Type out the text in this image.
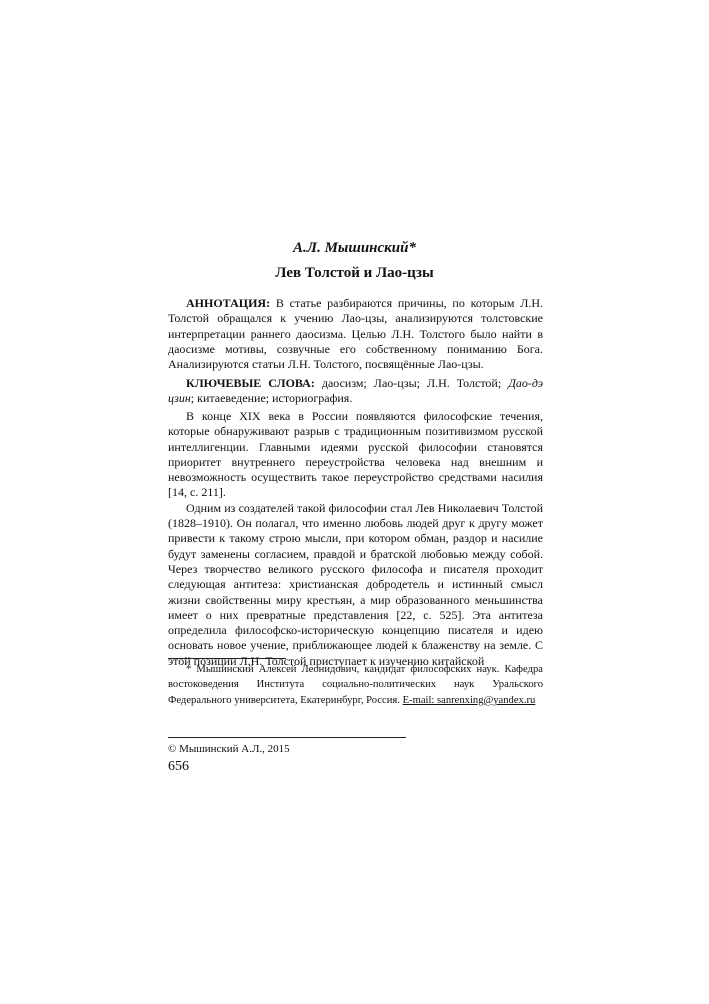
А.Л. Мышинский*
Лев Толстой и Лао-цзы

АННОТАЦИЯ: В статье разбираются причины, по которым Л.Н. Толстой обращался к учению Лао-цзы, анализируются толстовские интерпретации раннего даосизма. Целью Л.Н. Толстого было найти в даосизме мотивы, созвучные его собственному пониманию Бога. Анализируются статьи Л.Н. Толстого, посвящённые Лао-цзы.

КЛЮЧЕВЫЕ СЛОВА: даосизм; Лао-цзы; Л.Н. Толстой; Дао-дэ цзин; китаеведение; историография.

В конце XIX века в России появляются философские течения, которые обнаруживают разрыв с традиционным позитивизмом русской интеллигенции. Главными идеями русской философии становятся приоритет внутреннего переустройства человека над внешним и невозможность осуществить такое переустройство средствами насилия [14, с. 211].

Одним из создателей такой философии стал Лев Николаевич Толстой (1828–1910). Он полагал, что именно любовь людей друг к другу может привести к такому строю мысли, при котором обман, раздор и насилие будут заменены согласием, правдой и братской любовью между собой. Через творчество великого русского философа и писателя проходит следующая антитеза: христианская добродетель и истинный смысл жизни свойственны миру крестьян, а мир образованного меньшинства имеет о них превратные представления [22, с. 525]. Эта антитеза определила философско-историческую концепцию писателя и идею основать новое учение, приближающее людей к блаженству на земле. С этой позиции Л.Н. Толстой приступает к изучению китайской

* Мышинский Алексей Леонидович, кандидат философских наук. Кафедра востоковедения Института социально-политических наук Уральского Федерального университета, Екатеринбург, Россия. E-mail: sanrenxing@yandex.ru

© Мышинский А.Л., 2015
656
